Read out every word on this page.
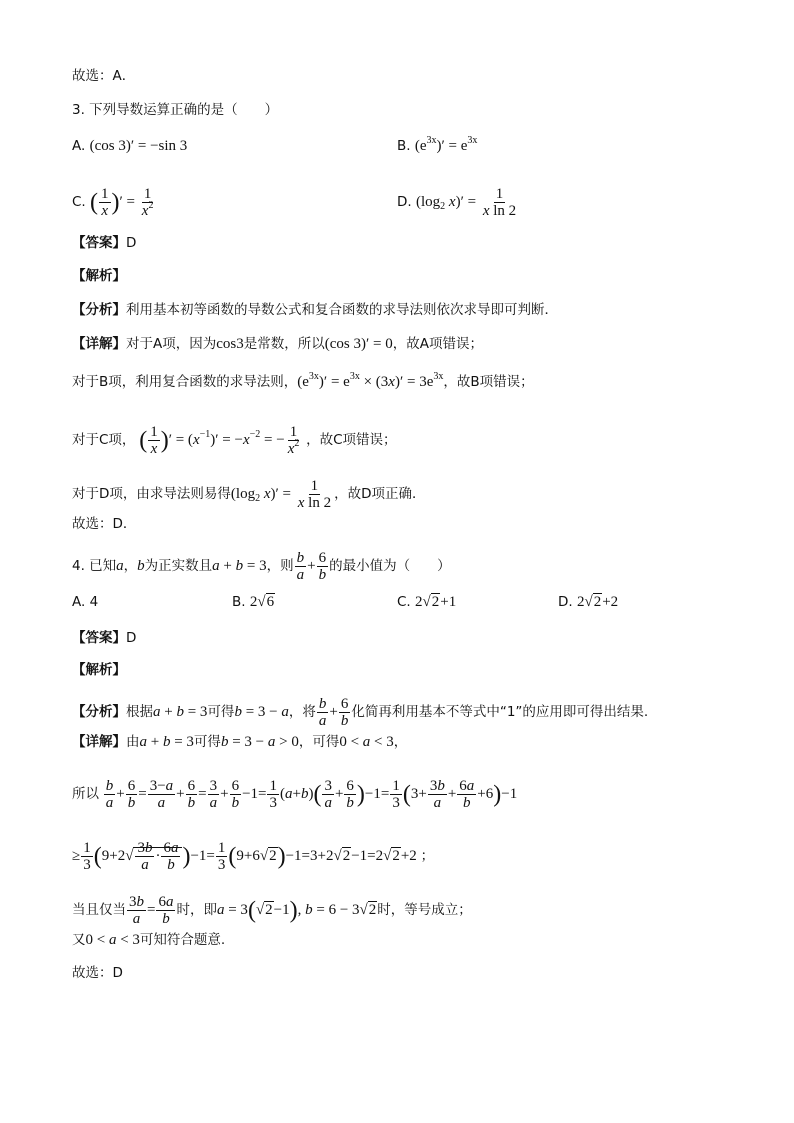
故选：A．
3. 下列导数运算正确的是（　　）
A. (cos 3)′ = −sin 3	B. $(e^{3x})' = e^{3x}$
C. ( $\frac{1}{x}$ )′ = $\frac{1}{x^2}$	D. ($\log_2$ $x)' = \frac{1}{\text{x ln 2}}$
【答案】D
【解析】
【分析】利用基本初等函数的导数公式和复合函数的求导法则依次求导即可判断．
【详解】对于A项，因为cos3是常数，所以(cos 3)′ = 0，故A项错误；
对于B项，利用复合函数的求导法则，$(e^{3x})' = e^{3x} \times (3x)' = 3e^{3x}$，故B项错误；
对于C项， ( $\frac{1}{x}$ )′ = $(x^{-1})' = -x^{-2}$ = − $\frac{1}{x^2}$ ，故C项错误；
对于D项，由求导法则易得($\log_2$ $x)' = \frac{1}{\text{x ln 2}}$ ，故D项正确．
故选：D．
4. 已知a，b为正实数且a + b = 3，则 $\frac{b}{a} + \frac{6}{b}$ 的最小值为（　　）
A. 4	B. 2√6	C. 2√2+1	D. 2√2+2
【答案】D
【解析】
【分析】根据a + b = 3可得b = 3 − a，将 $\frac{b}{a} + \frac{6}{b}$ 化简再利用基本不等式中“1”的应用即可得出结果.
【详解】由a + b = 3可得b = 3 − a > 0，可得0 < a < 3，
所以 $\frac{b}{a} + \frac{6}{b} = \frac{3-a}{a} + \frac{6}{b} = \frac{3}{a} + \frac{6}{b} -1= \frac{1}{3} (a+b)( \frac{3}{a} + \frac{6}{b} )-1= \frac{1}{3} (3+ \frac{3b}{a} + \frac{6a}{b} +6)-1$
≥ $\frac{1}{3} (9+2√ \frac{3b}{a} \cdot \frac{6a}{b} )-1= \frac{1}{3} (9+6√2)-1=3+2√2-1=2√2+2$ ；
当且仅当 $\frac{3b}{a} = \frac{6a}{b}$ 时，即a = 3(√2−1), b = 6 − 3√2时，等号成立；
又0 < a < 3可知符合题意.
故选：D
